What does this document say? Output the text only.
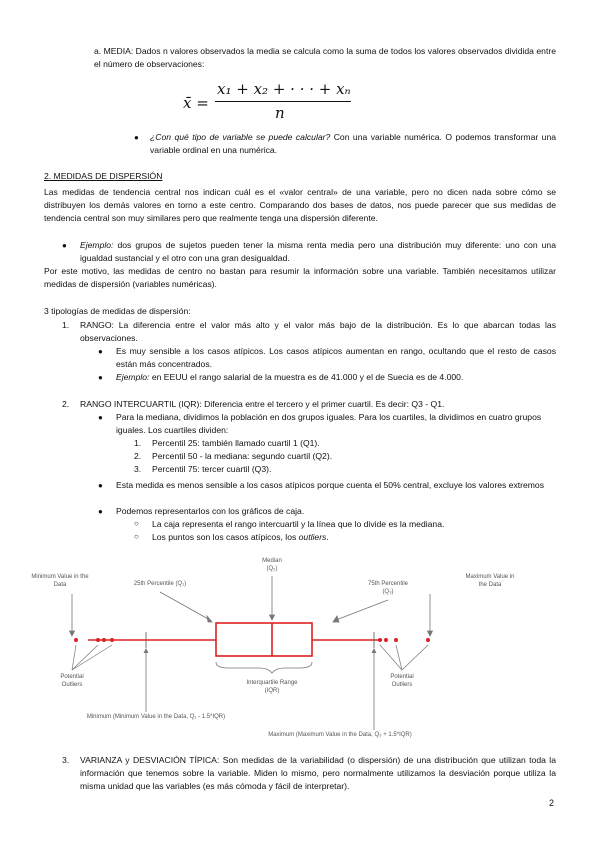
a. MEDIA: Dados n valores observados la media se calcula como la suma de todos los valores observados dividida entre el número de observaciones:
x̄ =
x₁ + x₂ + · · · + xₙ
n
● ¿Con qué tipo de variable se puede calcular? Con una variable numérica. O podemos transformar una variable ordinal en una numérica.
2. MEDIDAS DE DISPERSIÓN
Las medidas de tendencia central nos indican cuál es el «valor central» de una variable, pero no dicen nada sobre cómo se distribuyen los demás valores en torno a este centro. Comparando dos bases de datos, nos puede parecer que sus medidas de tendencia central son muy similares pero que realmente tenga una dispersión diferente.
● Ejemplo: dos grupos de sujetos pueden tener la misma renta media pero una distribución muy diferente: uno con una igualdad sustancial y el otro con una gran desigualdad.
Por este motivo, las medidas de centro no bastan para resumir la información sobre una variable. También necesitamos utilizar medidas de dispersión (variables numéricas).
3 tipologías de medidas de dispersión:
1. RANGO: La diferencia entre el valor más alto y el valor más bajo de la distribución. Es lo que abarcan todas las observaciones.
● Es muy sensible a los casos atípicos. Los casos atípicos aumentan en rango, ocultando que el resto de casos están más concentrados.
● Ejemplo: en EEUU el rango salarial de la muestra es de 41.000 y el de Suecia es de 4.000.
2. RANGO INTERCUARTIL (IQR): Diferencia entre el tercero y el primer cuartil. Es decir: Q3 - Q1.
● Para la mediana, dividimos la población en dos grupos iguales. Para los cuartiles, la dividimos en cuatro grupos iguales. Los cuartiles dividen:
1. Percentil 25: también llamado cuartil 1 (Q1).
2. Percentil 50 - la mediana: segundo cuartil (Q2).
3. Percentil 75: tercer cuartil (Q3).
● Esta medida es menos sensible a los casos atípicos porque cuenta el 50% central, excluye los valores extremos
● Podemos representarlos con los gráficos de caja.
○ La caja representa el rango intercuartil y la línea que lo divide es la mediana.
○ Los puntos son los casos atípicos, los outliers.
Minimum Value in the Data	25th Percentile (Q₁)
Median (Q₂)
75th Percentile (Q₃)
Maximum Value in the Data
Potential Outliers
Potential Outliers
Interquartile Range (IQR)
Minimum (Minimum Value in the Data, Q₁ - 1.5*IQR)
Maximum (Maximum Value in the Data, Q₃ + 1.5*IQR)
3. VARIANZA y DESVIACIÓN TÍPICA: Son medidas de la variabilidad (o dispersión) de una distribución que utilizan toda la información que tenemos sobre la variable. Miden lo mismo, pero normalmente utilizamos la desviación porque utiliza la misma unidad que las variables (es más cómoda y fácil de interpretar).
2
